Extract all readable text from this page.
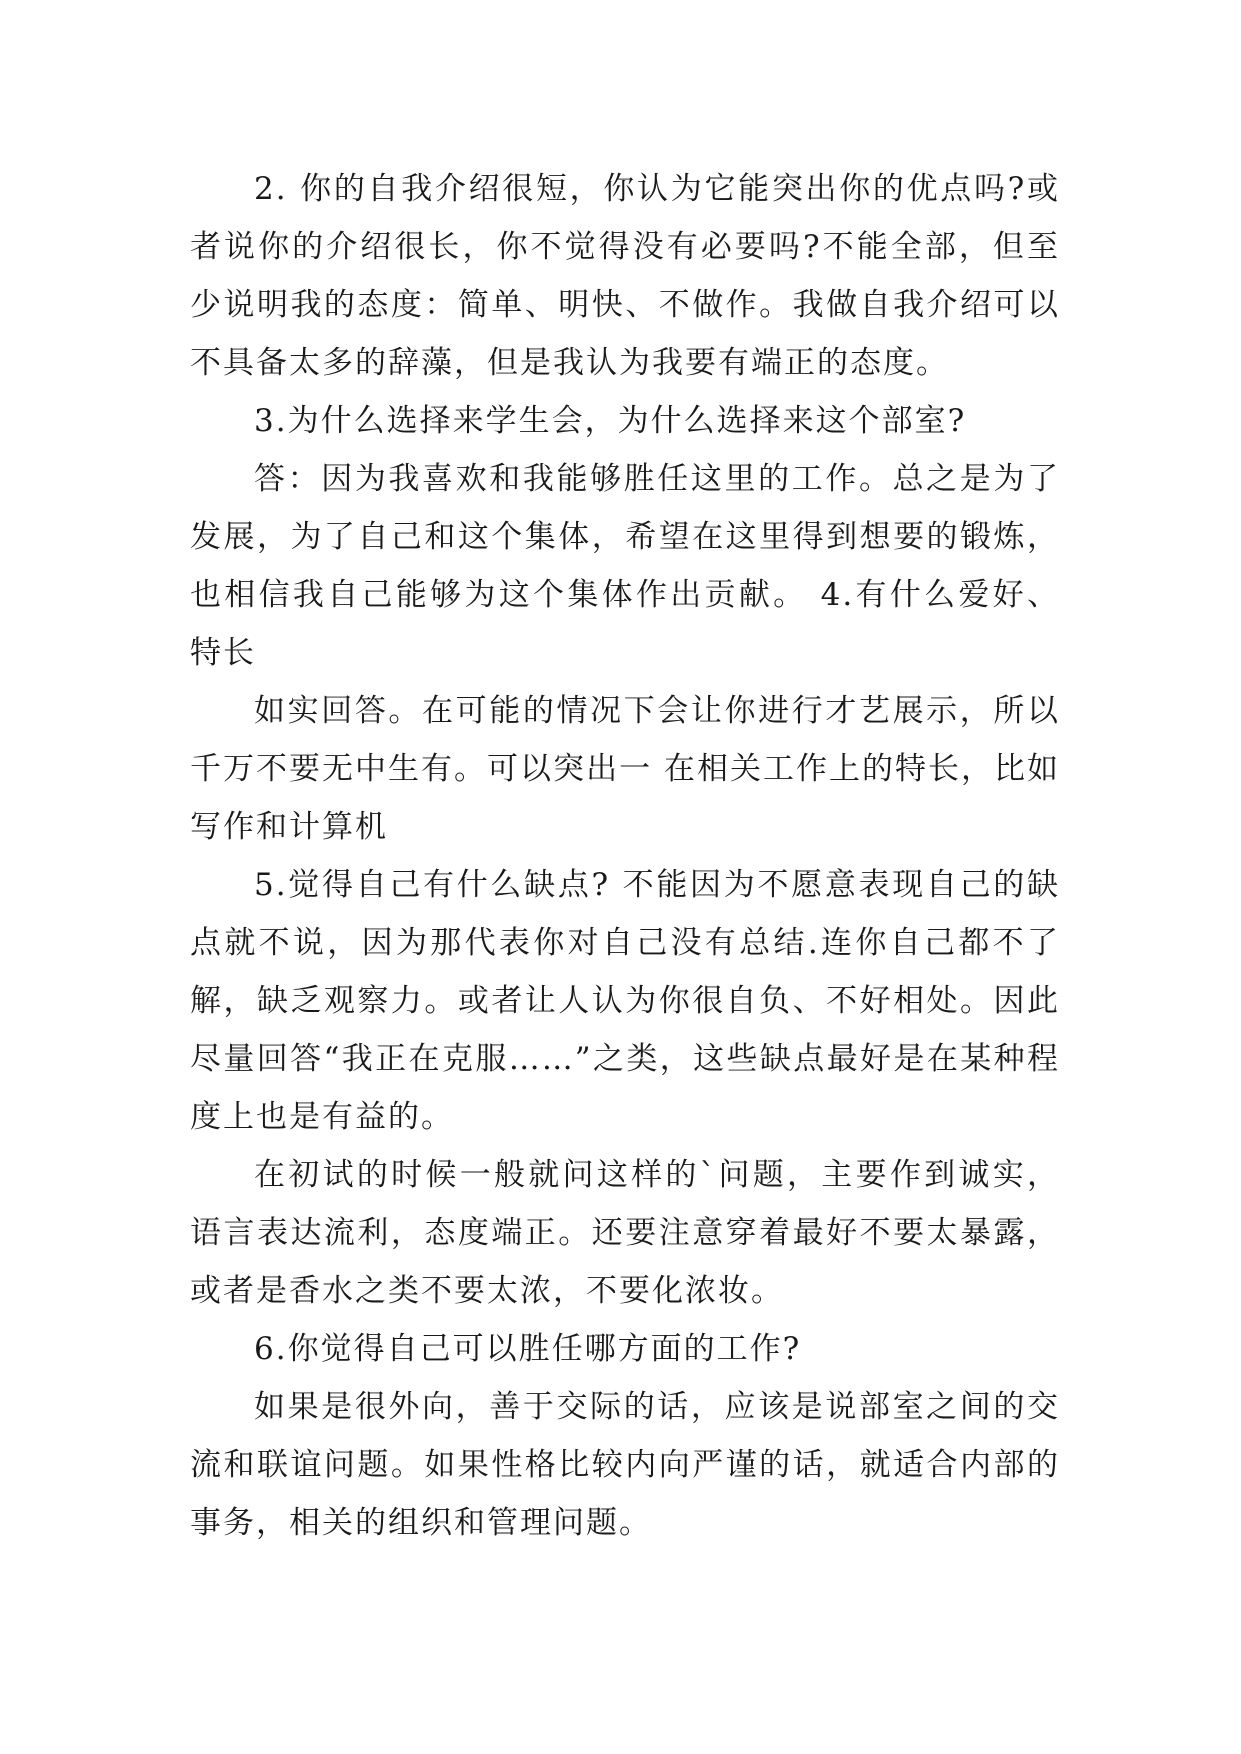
2. 你的自我介绍很短，你认为它能突出你的优点吗?或者说你的介绍很长，你不觉得没有必要吗?不能全部，但至少说明我的态度：简单、明快、不做作。我做自我介绍可以不具备太多的辞藻，但是我认为我要有端正的态度。

3.为什么选择来学生会，为什么选择来这个部室?

答：因为我喜欢和我能够胜任这里的工作。总之是为了发展，为了自己和这个集体，希望在这里得到想要的锻炼，也相信我自己能够为这个集体作出贡献。 4.有什么爱好、特长

如实回答。在可能的情况下会让你进行才艺展示，所以千万不要无中生有。可以突出一 在相关工作上的特长，比如写作和计算机

5.觉得自己有什么缺点? 不能因为不愿意表现自己的缺点就不说，因为那代表你对自己没有总结.连你自己都不了解，缺乏观察力。或者让人认为你很自负、不好相处。因此尽量回答“我正在克服……”之类，这些缺点最好是在某种程度上也是有益的。

在初试的时候一般就问这样的`问题，主要作到诚实，语言表达流利，态度端正。还要注意穿着最好不要太暴露，或者是香水之类不要太浓，不要化浓妆。

6.你觉得自己可以胜任哪方面的工作?

如果是很外向，善于交际的话，应该是说部室之间的交流和联谊问题。如果性格比较内向严谨的话，就适合内部的事务，相关的组织和管理问题。
